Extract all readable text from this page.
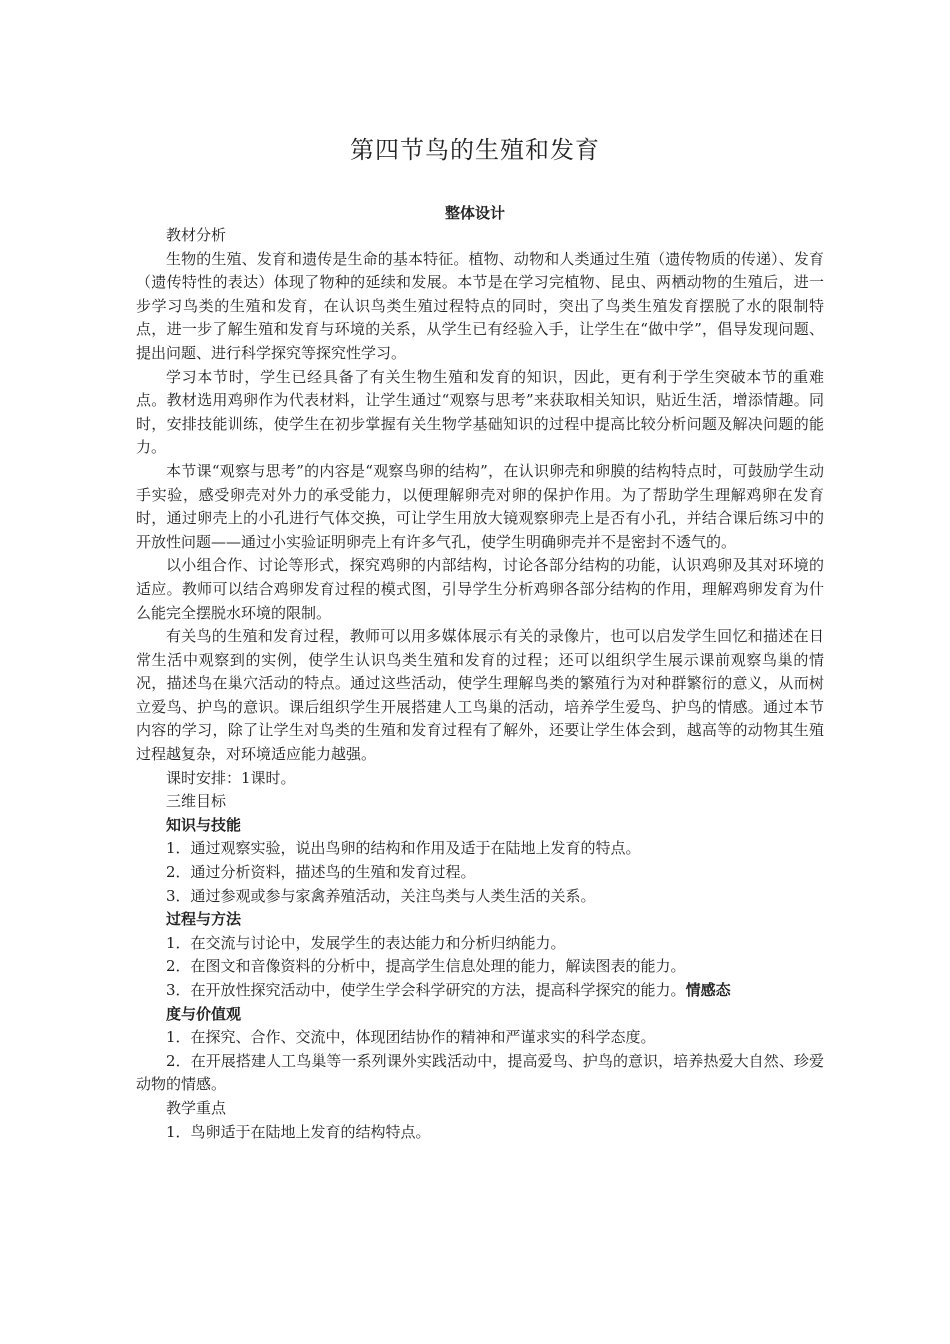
第四节鸟的生殖和发育
整体设计

教材分析

生物的生殖、发育和遗传是生命的基本特征。植物、动物和人类通过生殖（遗传物质的传递）、发育（遗传特性的表达）体现了物种的延续和发展。本节是在学习完植物、昆虫、两栖动物的生殖后，进一步学习鸟类的生殖和发育，在认识鸟类生殖过程特点的同时，突出了鸟类生殖发育摆脱了水的限制特点，进一步了解生殖和发育与环境的关系，从学生已有经验入手，让学生在“做中学”，倡导发现问题、提出问题、进行科学探究等探究性学习。

学习本节时，学生已经具备了有关生物生殖和发育的知识，因此，更有利于学生突破本节的重难点。教材选用鸡卵作为代表材料，让学生通过“观察与思考”来获取相关知识，贴近生活，增添情趣。同时，安排技能训练，使学生在初步掌握有关生物学基础知识的过程中提高比较分析问题及解决问题的能力。

本节课“观察与思考”的内容是“观察鸟卵的结构”，在认识卵壳和卵膜的结构特点时，可鼓励学生动手实验，感受卵壳对外力的承受能力，以便理解卵壳对卵的保护作用。为了帮助学生理解鸡卵在发育时，通过卵壳上的小孔进行气体交换，可让学生用放大镜观察卵壳上是否有小孔，并结合课后练习中的开放性问题——通过小实验证明卵壳上有许多气孔，使学生明确卵壳并不是密封不透气的。

以小组合作、讨论等形式，探究鸡卵的内部结构，讨论各部分结构的功能，认识鸡卵及其对环境的适应。教师可以结合鸡卵发育过程的模式图，引导学生分析鸡卵各部分结构的作用，理解鸡卵发育为什么能完全摆脱水环境的限制。

有关鸟的生殖和发育过程，教师可以用多媒体展示有关的录像片，也可以启发学生回忆和描述在日常生活中观察到的实例，使学生认识鸟类生殖和发育的过程；还可以组织学生展示课前观察鸟巢的情况，描述鸟在巢穴活动的特点。通过这些活动，使学生理解鸟类的繁殖行为对种群繁衍的意义，从而树立爱鸟、护鸟的意识。课后组织学生开展搭建人工鸟巢的活动，培养学生爱鸟、护鸟的情感。通过本节内容的学习，除了让学生对鸟类的生殖和发育过程有了解外，还要让学生体会到，越高等的动物其生殖过程越复杂，对环境适应能力越强。

课时安排：1课时。

三维目标

知识与技能

1．通过观察实验，说出鸟卵的结构和作用及适于在陆地上发育的特点。

2．通过分析资料，描述鸟的生殖和发育过程。

3．通过参观或参与家禽养殖活动，关注鸟类与人类生活的关系。

过程与方法

1．在交流与讨论中，发展学生的表达能力和分析归纳能力。

2．在图文和音像资料的分析中，提高学生信息处理的能力，解读图表的能力。

3．在开放性探究活动中，使学生学会科学研究的方法，提高科学探究的能力。情感态

度与价值观

1．在探究、合作、交流中，体现团结协作的精神和严谨求实的科学态度。

2．在开展搭建人工鸟巢等一系列课外实践活动中，提高爱鸟、护鸟的意识，培养热爱大自然、珍爱动物的情感。

教学重点

1．鸟卵适于在陆地上发育的结构特点。
